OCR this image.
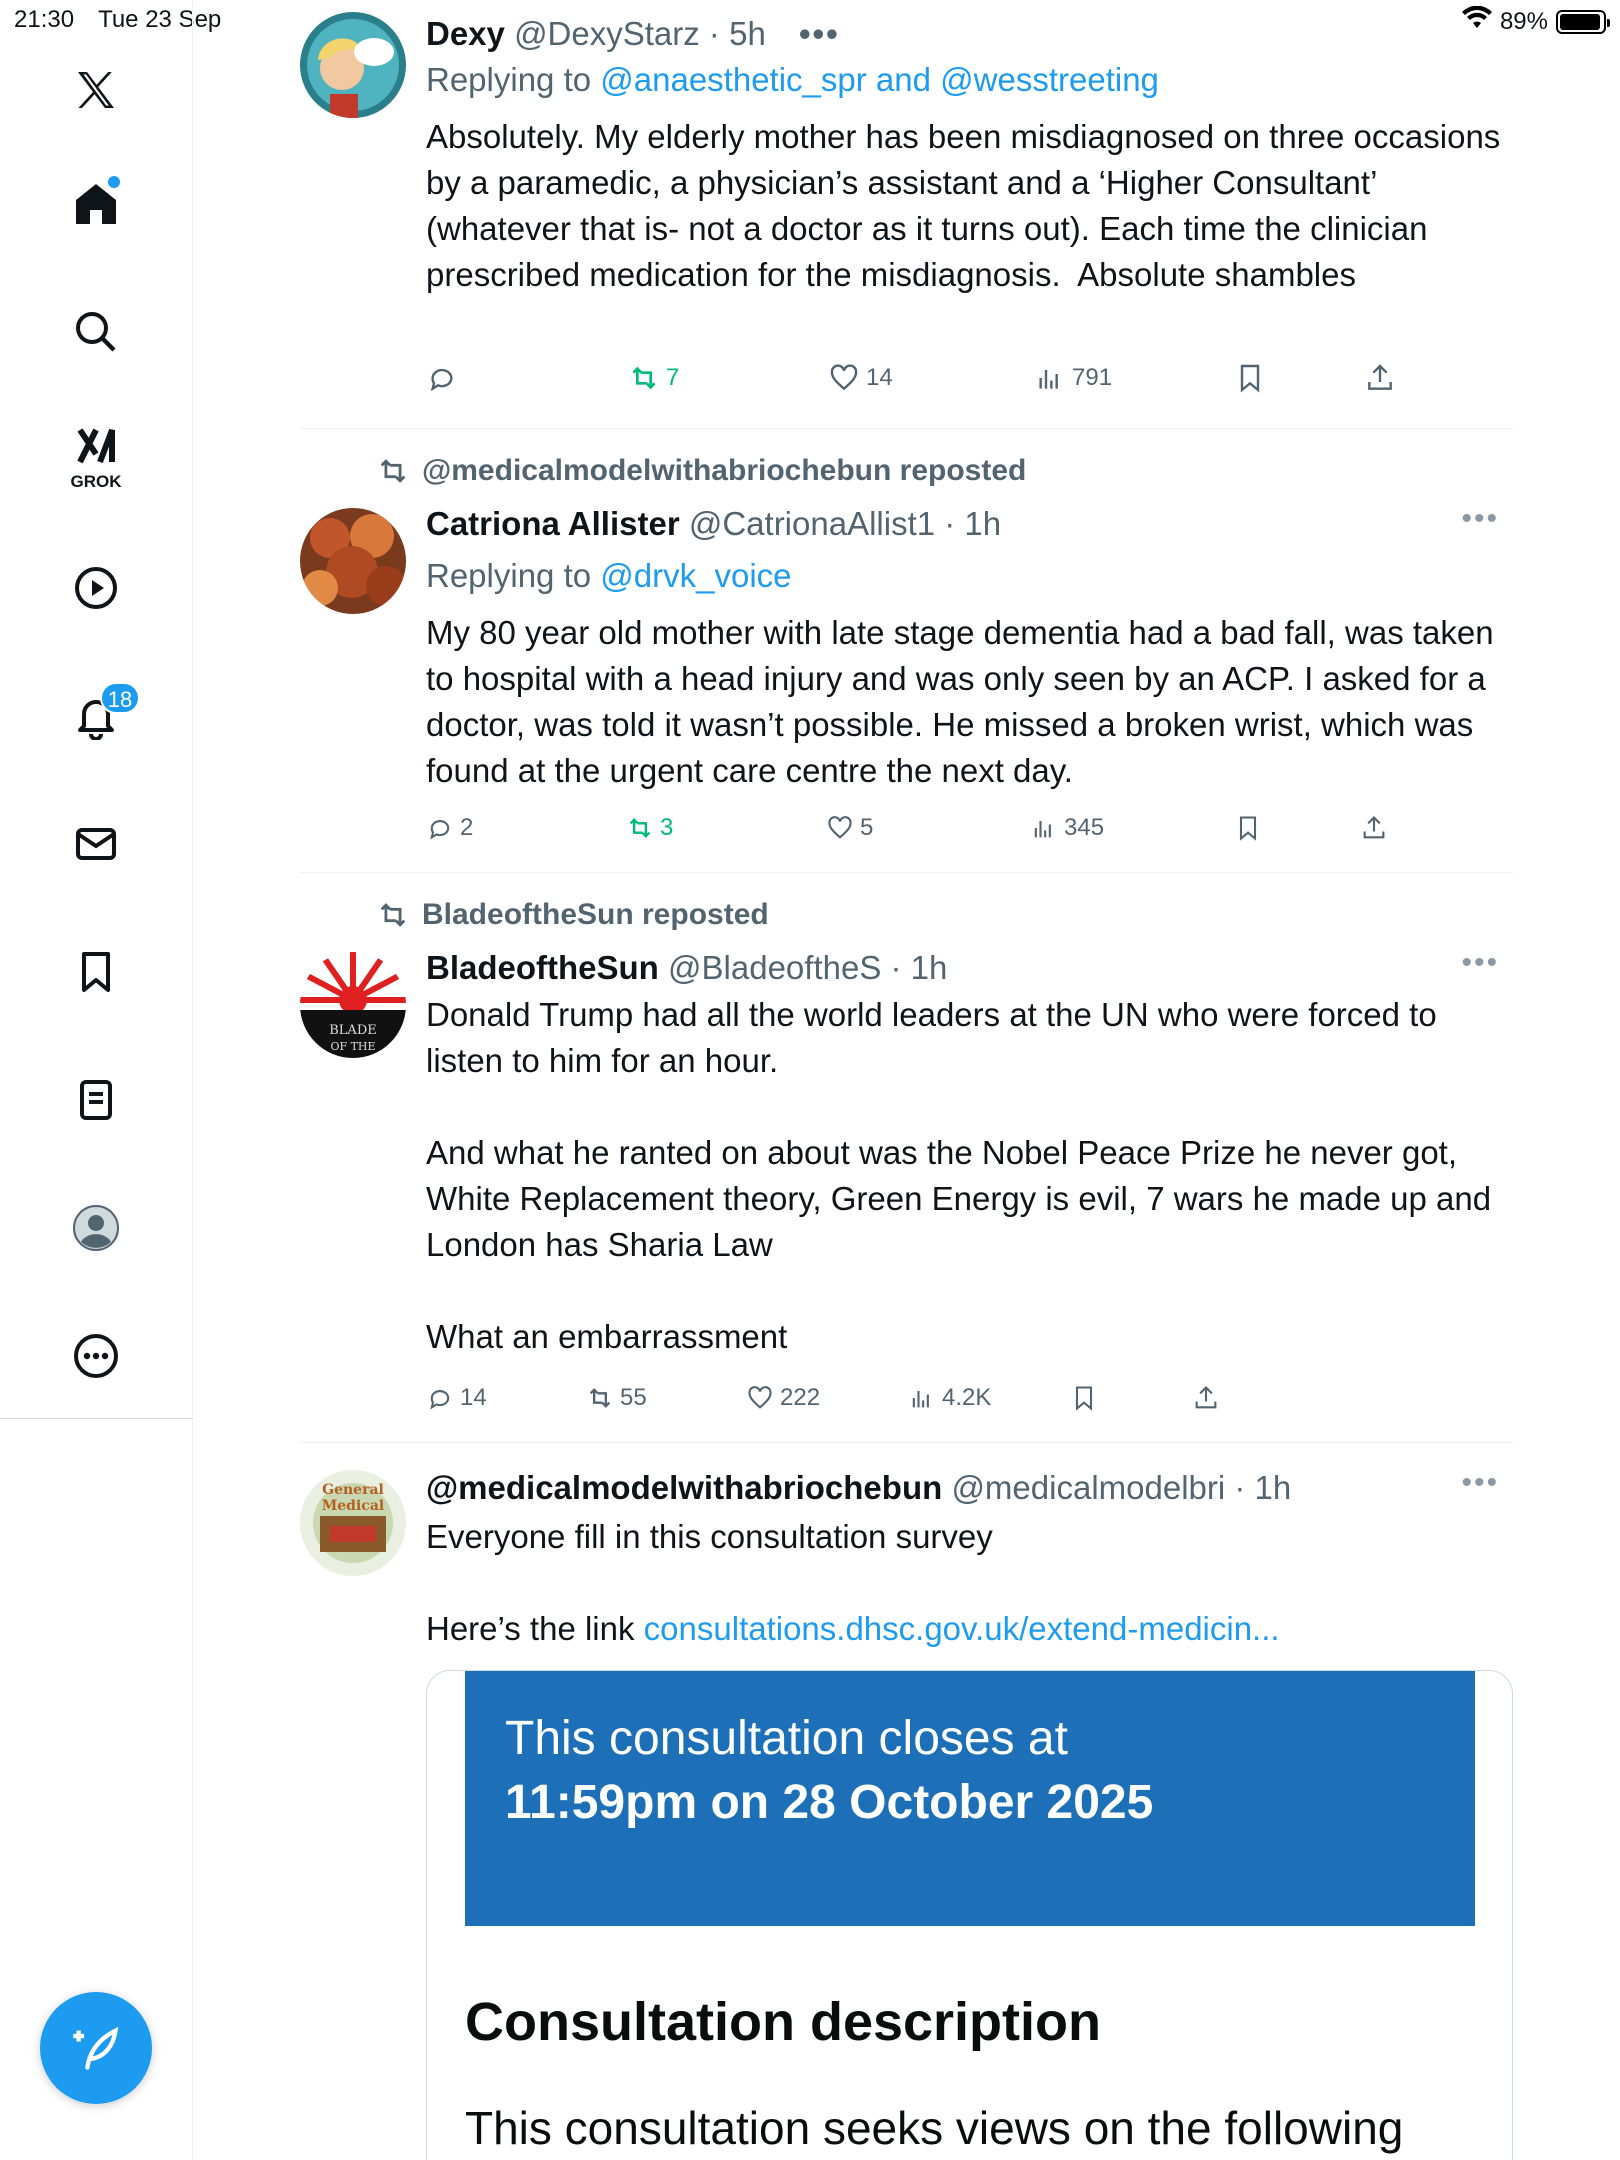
21:30 Tue 23 Sep	89%
GROK
18
Dexy @DexyStarz · 5h •••
Replying to @anaesthetic_spr and @wesstreeting
Absolutely. My elderly mother has been misdiagnosed on three occasions by a paramedic, a physician’s assistant and a ‘Higher Consultant’ (whatever that is- not a doctor as it turns out). Each time the clinician prescribed medication for the misdiagnosis.  Absolute shambles
7	14	791
@medicalmodelwithabriochebun reposted
Catriona Allister @CatrionaAllist1 · 1h	•••
Replying to @drvk_voice
My 80 year old mother with late stage dementia had a bad fall, was taken to hospital with a head injury and was only seen by an ACP. I asked for a doctor, was told it wasn’t possible. He missed a broken wrist, which was found at the urgent care centre the next day.
2	3	5	345
BladeoftheSun reposted
BLADE
OF THE
BladeoftheSun @BladeoftheS · 1h	•••
Donald Trump had all the world leaders at the UN who were forced to listen to him for an hour.

And what he ranted on about was the Nobel Peace Prize he never got, White Replacement theory, Green Energy is evil, 7 wars he made up and London has Sharia Law

What an embarrassment
14	55	222	4.2K
General
Medical @medicalmodelwithabriochebun @medicalmodelbri · 1h	•••
Everyone fill in this consultation survey
Here’s the link consultations.dhsc.gov.uk/extend-medicin...
This consultation closes at
11:59pm on 28 October 2025
Consultation description
This consultation seeks views on the following
